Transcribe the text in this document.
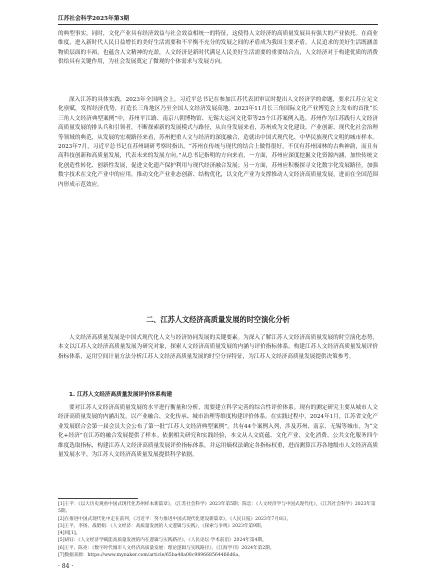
江苏社会科学2025年第3期

的典型事实。同时，文化产业具有经济效益与社会效益相统一的特征，这使得人文经济的高质量发展具有强大的产业依托。在商业维度，进入新时代人民日益增长的美好生活需要和不平衡不充分的发展之间的矛盾成为我国主要矛盾。人民追求的美好生活既涵盖物质层面的丰裕，也蕴含人文精神的充盈，人文经济是新时代满足人民美好生活需要的重要结合点，人文经济对于构建优质的消费供给具有关键作用，为社会发展奠定了微观的个体需求与发展方向。

深入江苏的具体实践，2023年全国两会上，习近平总书记在参加江苏代表团审议时提出人文经济学的命题，要求江苏立足文化禀赋，发挥经济优势，打造长三角地区乃至全国人文经济发展高地。2023年11月长三角国际文化产业博览会上发布的首批“长三角人文经济典型案例”中，苏州平江路、南京八朝博物馆、无锡大运河文化带等25个江苏案例入选。苏州作为江苏践行人文经济高质量发展的排头兵和引领者，不断探索新的发展模式与路径，从自身发展来看，苏州成为文化建设、产业创新、现代化社会治理等领域的典范，从发展的宏观路径来看，苏州把重人文与经济的深度融合，造就出中国式现代化、中华民族现代文明的城市样本。2023年7月，习近平总书记在苏州调研考察时指出，“苏州在传统与现代的结合上做得很好，不仅有苏州园林的古典神韵，而且有高科技创新和高质量发展，代表未来的发展方向。”从总书记指明的方向来看，一方面，苏州应深度挖掘文化资源内涵，加快传统文化创造性转化、创新性发展，促进文化遗产保护利用与现代经济融合发展；另一方面，苏州应积极探寻文化数字化发展路径，加强数字技术在文化产业中的应用，推动文化产业业态创新、结构优化，以文化产业为支撑推动人文经济高质量发展，进而在全国范围内形成示范效应。

二、江苏人文经济高质量发展的时空演化分析

人文经济高质量发展是中国式现代化人文与经济协同发展的关键要素。为深入了解江苏人文经济高质量发展的时空演化态势，本文以江苏人文经济高质量发展为研究对象，探索人文经济高质量发展的内涵与评价指标体系，构建江苏人文经济高质量发展评价指标体系，运用空间计量方法分析江苏人文经济高质量发展的时空分异特征，为江苏人文经济高质量发展提供决策参考。

1. 江苏人文经济高质量发展评价体系构建

要对江苏人文经济高质量发展的水平进行衡量和分析，需要建立科学完善的综合性评价体系。现有的测定研究主要从城市人文经济高质量发展的内涵出发，以产业融合、文化传承、城市治理等维度构建评价体系。在实践过程中，2024年1月，江苏省文化产业发展联合会第一届会员大会公布了第一批“江苏人文经济典型案例”，共有44个案例入列，涉及苏州、南京、无锡等城市，为“文化+经济”在江苏的融合发展提供了样本。依据相关研究和实践经验，本文从人文底蕴、文化产业、文化消费、公共文化服务四个维度选取指标，构建江苏人文经济高质量发展评价指标体系，并运用熵权法确定各指标权重，进而测算江苏各地级市人文经济高质量发展水平，为江苏人文经济高质量发展提供科学依据。

[1]王平：《以大历史观看中国式现代化苏州样本新篇章》，《江苏社会科学》2023年第5期；陈忠：《人文经济学与中国式现代化》，《江苏社会科学》2023年第5期。
[2]在推进中国式现代化中走在前列，《习近平：努力推进中国式现代化建设新篇章》，《人民日报》2023年7月8日。
[3]王平、李扬、战昭娟：《人文经济：高质量发展的人文逻辑与实践》，《探索与争鸣》2023年第9期。
[4]同[1]。
[5]胡钰：《人文经济学赋能高质量发展的内在逻辑与实践路径》，《人民论坛·学术前沿》2024年第4期。
[6]王平、陈亮：《数字时代城市人文经济高质量发展：理论逻辑与实践路径》，《江海学刊》2024年第2期。
[7]数据来源：https://www.mynaker.com/article/65ba48a08c989668564466d6a。
· 84 ·
